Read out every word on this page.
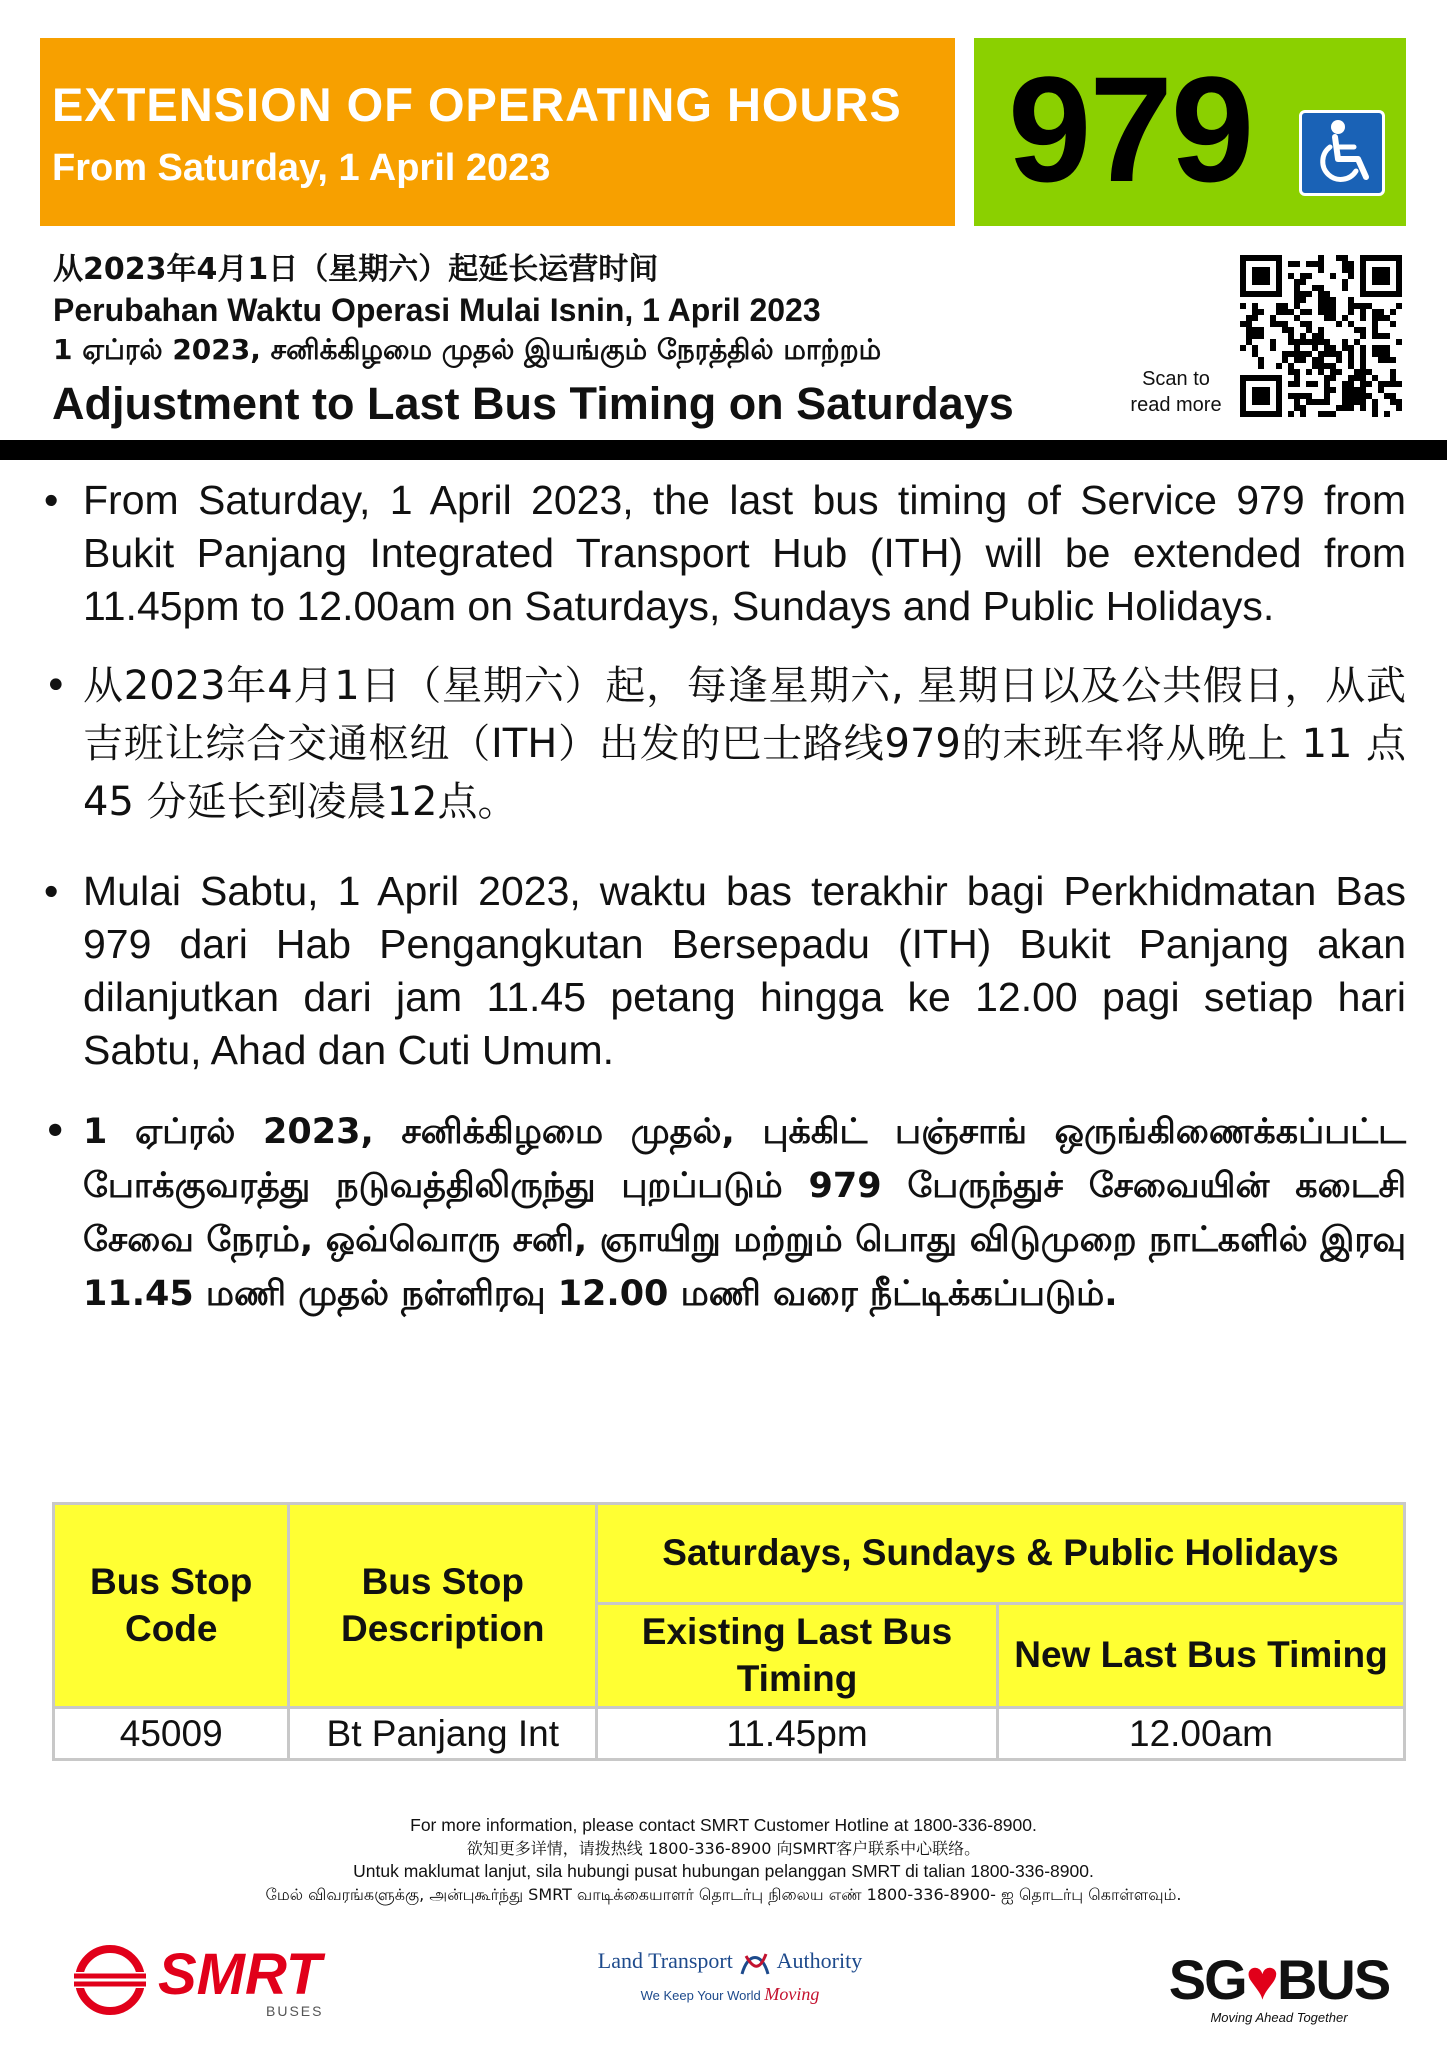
EXTENSION OF OPERATING HOURS
From Saturday, 1 April 2023	979
从2023年4月1日（星期六）起延长运营时间
Perubahan Waktu Operasi Mulai Isnin, 1 April 2023
1 ஏப்ரல் 2023, சனிக்கிழமை முதல் இயங்கும் நேரத்தில் மாற்றம்
Adjustment to Last Bus Timing on Saturdays	Scan to
read more
• From Saturday, 1 April 2023, the last bus timing of Service 979 from Bukit Panjang Integrated Transport Hub (ITH) will be extended from 11.45pm to 12.00am on Saturdays, Sundays and Public Holidays.
• 从2023年4月1日（星期六）起，每逢星期六, 星期日以及公共假日，从武吉班让综合交通枢纽（ITH）出发的巴士路线979的末班车将从晚上 11 点 45 分延长到凌晨12点。
• Mulai Sabtu, 1 April 2023, waktu bas terakhir bagi Perkhidmatan Bas 979 dari Hab Pengangkutan Bersepadu (ITH) Bukit Panjang akan dilanjutkan dari jam 11.45 petang hingga ke 12.00 pagi setiap hari Sabtu, Ahad dan Cuti Umum.
• 1 ஏப்ரல் 2023, சனிக்கிழமை முதல், புக்கிட் பஞ்சாங் ஒருங்கிணைக்கப்பட்ட போக்குவரத்து நடுவத்திலிருந்து புறப்படும் 979 பேருந்துச் சேவையின் கடைசி சேவை நேரம், ஒவ்வொரு சனி, ஞாயிறு மற்றும் பொது விடுமுறை நாட்களில் இரவு 11.45 மணி முதல் நள்ளிரவு 12.00 மணி வரை நீட்டிக்கப்படும்.
Bus Stop Code	Bus Stop Description	Saturdays, Sundays & Public Holidays	
		Existing Last Bus Timing	New Last Bus Timing
45009	Bt Panjang Int	11.45pm	12.00am
For more information, please contact SMRT Customer Hotline at 1800-336-8900.
欲知更多详情，请拨热线 1800-336-8900 向SMRT客户联系中心联络。
Untuk maklumat lanjut, sila hubungi pusat hubungan pelanggan SMRT di talian 1800-336-8900.
மேல் விவரங்களுக்கு, அன்புகூர்ந்து SMRT வாடிக்கையாளர் தொடர்பு நிலைய எண் 1800-336-8900- ஐ தொடர்பு கொள்ளவும்.
SMRT
BUSES
Land Transport Authority
We Keep Your World Moving	SG♥BUS
Moving Ahead Together
